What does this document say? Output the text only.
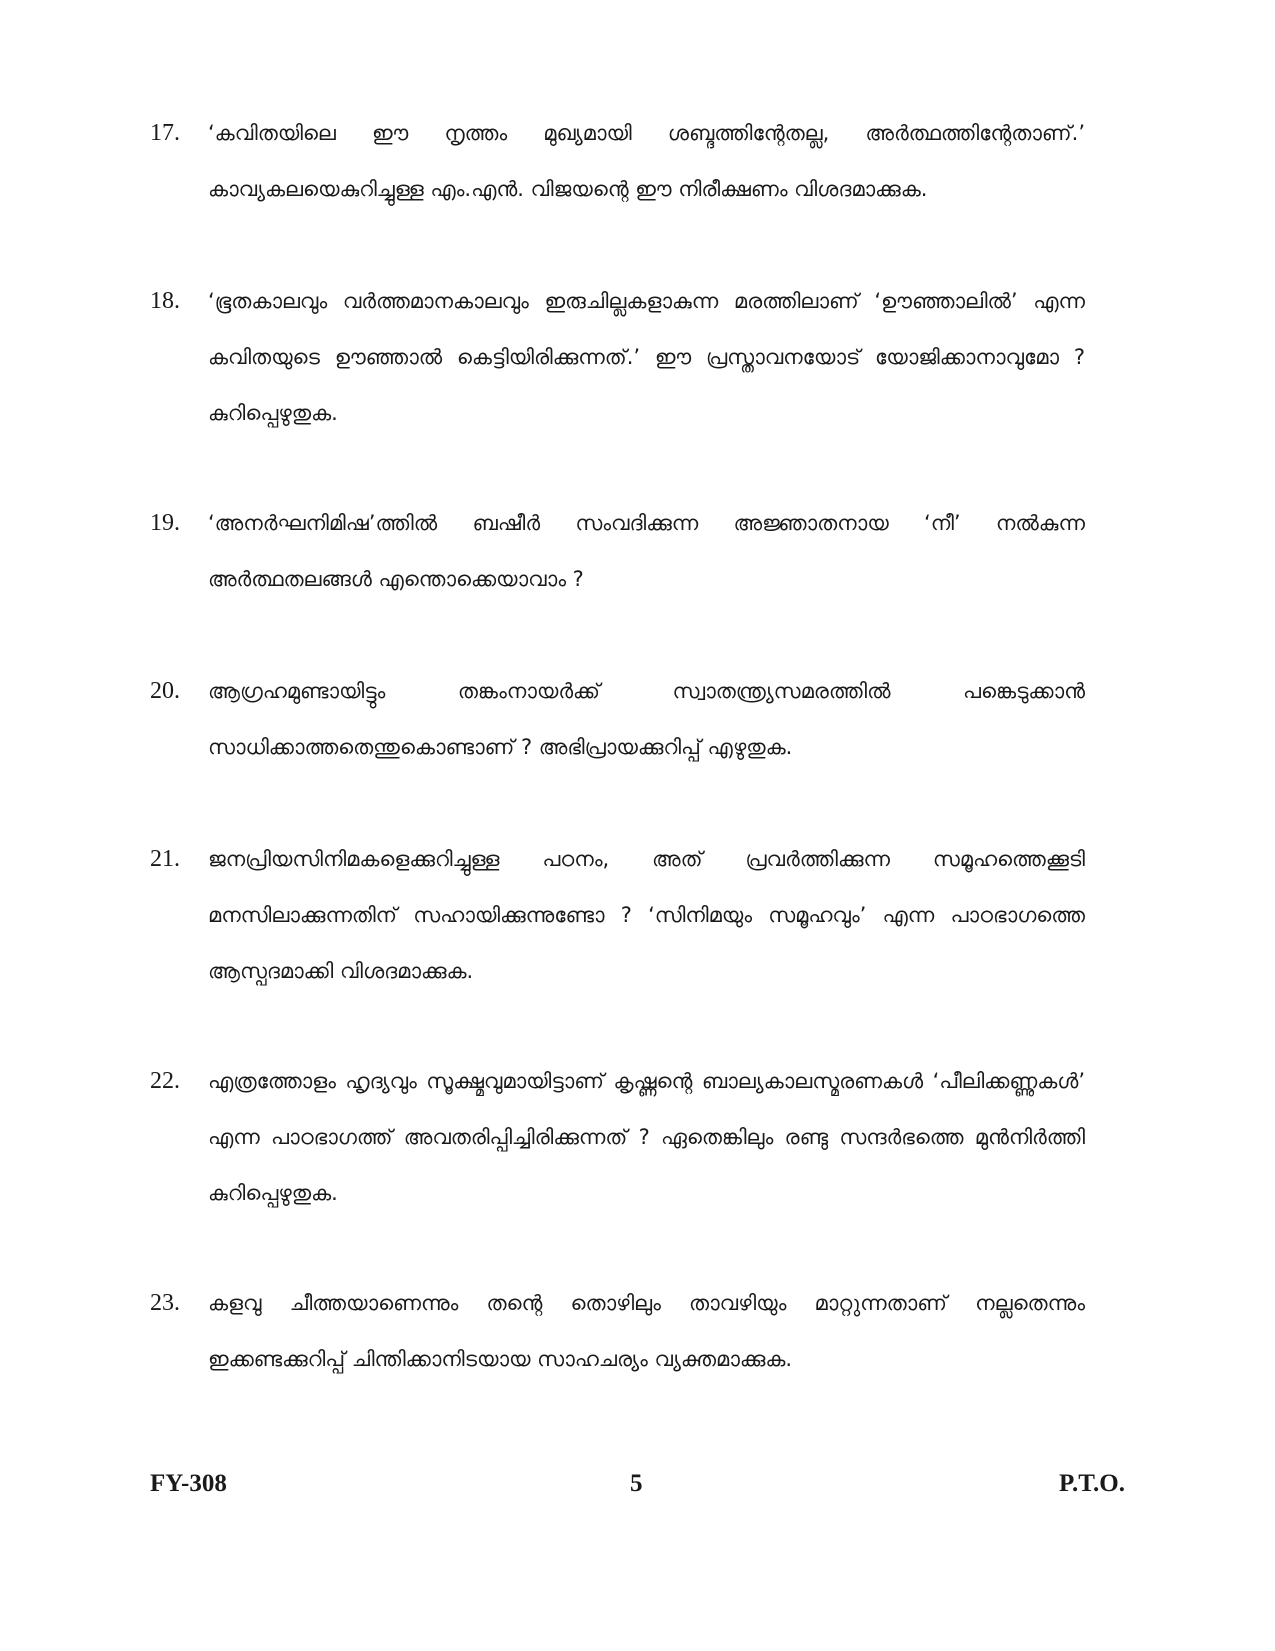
17.	‘കവിതയിലെ ഈ നൃത്തം മുഖ്യമായി ശബ്ദത്തിന്റേതല്ല, അർത്ഥത്തിന്റേതാണ്.’ കാവ്യകലയെകുറിച്ചുള്ള എം.എൻ. വിജയന്റെ ഈ നിരീക്ഷണം വിശദമാക്കുക.
18.	‘ഭൂതകാലവും വർത്തമാനകാലവും ഇരുചില്ലകളാകുന്ന മരത്തിലാണ് ‘ഊഞ്ഞാലിൽ’ എന്ന കവിതയുടെ ഊഞ്ഞാൽ കെട്ടിയിരിക്കുന്നത്.’ ഈ പ്രസ്താവനയോട് യോജിക്കാനാവുമോ ? കുറിപ്പെഴുതുക.
19.	‘അനർഘനിമിഷ’ത്തിൽ ബഷീർ സംവദിക്കുന്ന അജ്ഞാതനായ ‘നീ’ നൽകുന്ന അർത്ഥതലങ്ങൾ എന്തൊക്കെയാവാം ?
20.	ആഗ്രഹമുണ്ടായിട്ടും തങ്കംനായർക്ക് സ്വാതന്ത്ര്യസമരത്തിൽ പങ്കെടുക്കാൻ സാധിക്കാത്തതെന്തുകൊണ്ടാണ് ? അഭിപ്രായക്കുറിപ്പ് എഴുതുക.
21.	ജനപ്രിയസിനിമകളെക്കുറിച്ചുള്ള പഠനം, അത് പ്രവർത്തിക്കുന്ന സമൂഹത്തെക്കൂടി മനസിലാക്കുന്നതിന് സഹായിക്കുന്നുണ്ടോ ? ‘സിനിമയും സമൂഹവും’ എന്ന പാഠഭാഗത്തെ ആസ്പദമാക്കി വിശദമാക്കുക.
22.	എത്രത്തോളം ഹൃദ്യവും സൂക്ഷ്മവുമായിട്ടാണ് കൃഷ്ണന്റെ ബാല്യകാലസ്മരണകൾ ‘പീലിക്കണ്ണുകൾ’ എന്ന പാഠഭാഗത്ത് അവതരിപ്പിച്ചിരിക്കുന്നത് ? ഏതെങ്കിലും രണ്ടു സന്ദർഭത്തെ മുൻനിർത്തി കുറിപ്പെഴുതുക.
23.	കളവു ചീത്തയാണെന്നും തന്റെ തൊഴിലും താവഴിയും മാറ്റുന്നതാണ് നല്ലതെന്നും ഇക്കണ്ടക്കുറിപ്പ് ചിന്തിക്കാനിടയായ സാഹചര്യം വ്യക്തമാക്കുക.
FY-308	5	P.T.O.
